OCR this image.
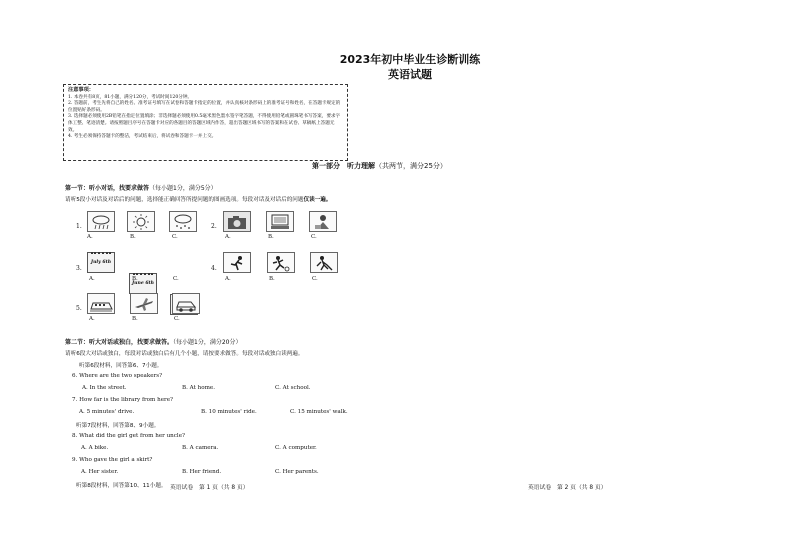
2023年初中毕业生诊断训练
英语试题
注意事项：
1. 本卷共有8页，81小题，满分120分，考试时间120分钟。
2. 答题前，考生先将自己的姓名、准考证号填写在试卷和答题卡指定的位置，并认真核对条形码上的准考证号和姓名，在答题卡规定的位置贴好条形码。
3. 选择题必须使用2B铅笔在指定位置填涂；非选择题必须使用0.5毫米黑色墨水签字笔答题，不得使用铅笔或圆珠笔书写答案，要求字体工整、笔迹清楚。请按照题目序号在答题卡对应的各题目的答题区域内作答，超出答题区域书写的答案和在试卷、草稿纸上答题无效。
4. 考生必须保持答题卡的整洁，考试结束后，将试卷和答题卡一并上交。
第一部分　听力理解（共两节，满分25分）
第一节：听小对话，找要求做答（每小题1分，满分5分）
请听5段小对话及对话后的问题，选择能正确回答所提问题的图画选项。每段对话及对话后的问题仅读一遍。
1.
A.	B.	C.
2.
A.	B.	C.
3.
July 6th
June 6th
A.	B.	C.
4.
A.	B.	C.
5.
A.	B.	C.
第二节：听大对话或独白，找要求做答。（每小题1分，满分20分）
请听6段大对话或独白，每段对话或独白后有几个小题，请按要求做答。每段对话或独白读两遍。
听第6段材料，回答第6、7小题。
6. Where are the two speakers?
A. In the street.	B. At home.	C. At school.
7. How far is the library from here?
A. 5 minutes' drive.	B. 10 minutes' ride.	C. 15 minutes' walk.
听第7段材料，回答第8、9小题。
8. What did the girl get from her uncle?
A. A bike.	B. A camera.	C. A computer.
9. Who gave the girl a skirt?
A. Her sister.	B. Her friend.	C. Her parents.
听第8段材料，回答第10、11小题。 英语试卷　第 1 页（共 8 页）	英语试卷　第 2 页（共 8 页）
